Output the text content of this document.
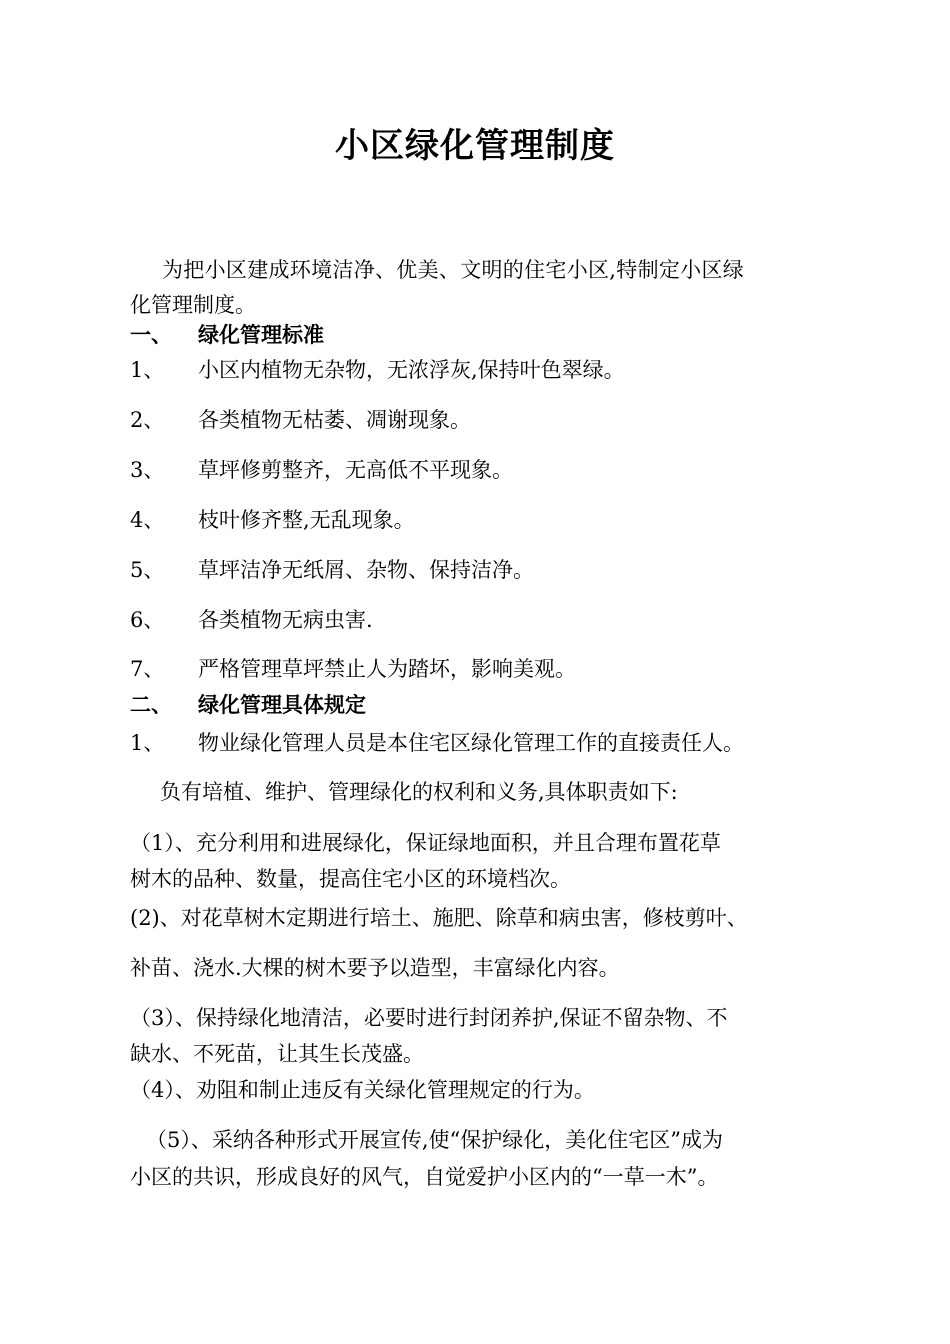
小区绿化管理制度
为把小区建成环境洁净、优美、文明的住宅小区,特制定小区绿
化管理制度。
一、 绿化管理标准
1、 小区内植物无杂物，无浓浮灰,保持叶色翠绿。
2、 各类植物无枯萎、凋谢现象。
3、 草坪修剪整齐，无高低不平现象。
4、 枝叶修齐整,无乱现象。
5、 草坪洁净无纸屑、杂物、保持洁净。
6、 各类植物无病虫害.
7、 严格管理草坪禁止人为踏坏，影响美观。
二、 绿化管理具体规定
1、 物业绿化管理人员是本住宅区绿化管理工作的直接责任人。
负有培植、维护、管理绿化的权利和义务,具体职责如下:
（1）、充分利用和进展绿化，保证绿地面积，并且合理布置花草
树木的品种、数量，提高住宅小区的环境档次。
(2)、对花草树木定期进行培土、施肥、除草和病虫害，修枝剪叶、
补苗、浇水.大棵的树木要予以造型，丰富绿化内容。
（3）、保持绿化地清洁，必要时进行封闭养护,保证不留杂物、不
缺水、不死苗，让其生长茂盛。
（4）、劝阻和制止违反有关绿化管理规定的行为。
（5）、采纳各种形式开展宣传,使“保护绿化，美化住宅区”成为
小区的共识，形成良好的风气，自觉爱护小区内的“一草一木”。
